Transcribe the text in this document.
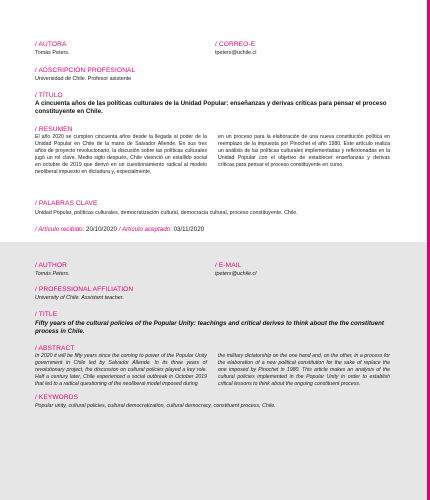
/ AUTORA
Tomás Peters.
/ CORREO-E
tpeters@uchile.cl
/ ADSCRIPCIÓN PROFESIONAL
Universidad de Chile. Profesor asistente
/ TÍTULO
A cincuenta años de las políticas culturales de la Unidad Popular: enseñanzas y derivas críticas para pensar el proceso constituyente en Chile.
/ RESUMEN
El año 2020 se cumplen cincuenta años desde la llegada al poder de la Unidad Popular en Chile de la mano de Salvador Allende. En sus tres años de proyecto revolucionario, la discusión sobre las políticas culturales jugó un rol clave. Medio siglo después, Chile vivenció un estallido social en octubre de 2019 que derivó en un cuestionamiento radical al modelo neoliberal impuesto en dictadura y, especialmente,
en un proceso para la elaboración de una nueva constitución política en reemplazo de la impuesta por Pinochet el año 1980. Este artículo realiza un análisis de las políticas culturales implementadas y reflexionadas en la Unidad Popular con el objetivo de establecer enseñanzas y derivas críticas para pensar el proceso constituyente en curso.
/ PALABRAS CLAVE
Unidad Popular, políticas culturales, democratización cultural, democracia cultural, proceso constituyente, Chile.
/ Artículo recibido: 20/10/2020 / Artículo aceptado: 03/11/2020
/ AUTHOR
Tomás Peters.
/ E-MAIL
tpeters@uchile.cl
/ PROFESSIONAL AFFILIATION
University of Chile. Assistant teacher.
/ TITLE
Fifty years of the cultural policies of the Popular Unity: teachings and critical derives to think about the the constituent process in Chile.
/ ABSTRACT
In 2020 it will be fifty years since the coming to power of the Popular Unity government in Chile led by Salvador Allende. In its three years of revolutionary project, the discussion on cultural policies played a key role. Half a century later, Chile experienced a social outbreak in October 2019 that led to a radical questioning of the neoliberal model imposed during
the military dictatorship on the one hand and, on the other, in a process for the elaboration of a new political constitution for the sake of replace the one imposed by Pinochet in 1980. This article makes an analysis of the cultural policies implemented in the Popular Unity in order to establish critical lessons to think about the ongoing constituent process.
/ KEYWORDS
Popular unity, cultural policies, cultural democratization, cultural democracy, constituent process, Chile.
